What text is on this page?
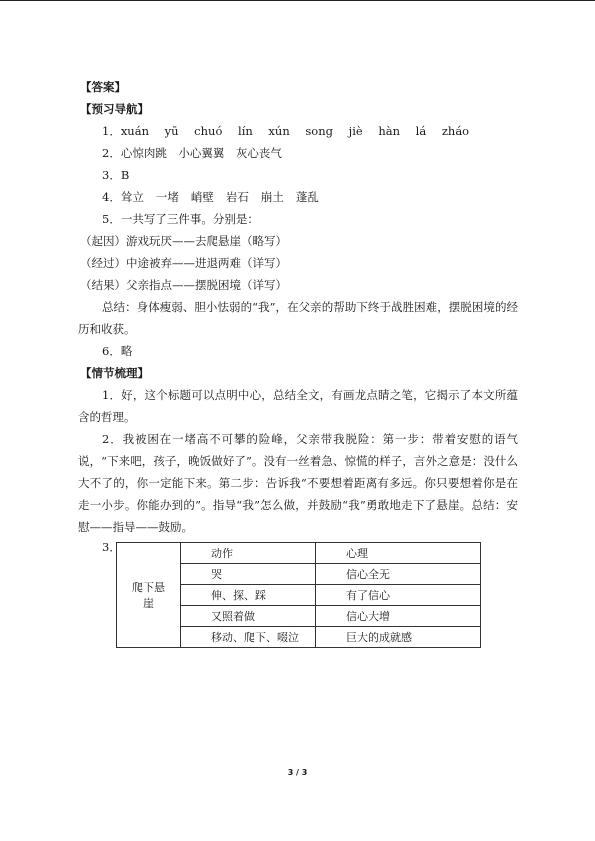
【答案】
【预习导航】
1．xuán yū chuó lín xún song jiè hàn lá zháo
2．心惊肉跳　小心翼翼　灰心丧气
3．B
4．耸立 一堵 峭壁 岩石 崩土 蓬乱
5．一共写了三件事。分别是：
（起因）游戏玩厌——去爬悬崖（略写）
（经过）中途被弃——进退两难（详写）
（结果）父亲指点——摆脱困境（详写）
总结：身体瘦弱、胆小怯弱的“我”，在父亲的帮助下终于战胜困难，摆脱困境的经历和收获。
6．略
【情节梳理】
1．好，这个标题可以点明中心，总结全文，有画龙点睛之笔，它揭示了本文所蕴含的哲理。
2．我被困在一堵高不可攀的险峰，父亲带我脱险：第一步：带着安慰的语气说，“下来吧，孩子，晚饭做好了”。没有一丝着急、惊慌的样子，言外之意是：没什么大不了的，你一定能下来。第二步：告诉我“不要想着距离有多远。你只要想着你是在走一小步。你能办到的”。指导“我”怎么做，并鼓励“我”勇敢地走下了悬崖。总结：安慰——指导——鼓励。
3．
爬下悬崖	动作	心理
	哭	信心全无
	伸、探、踩	有了信心
	又照着做	信心大增
	移动、爬下、啜泣	巨大的成就感
3 / 3
